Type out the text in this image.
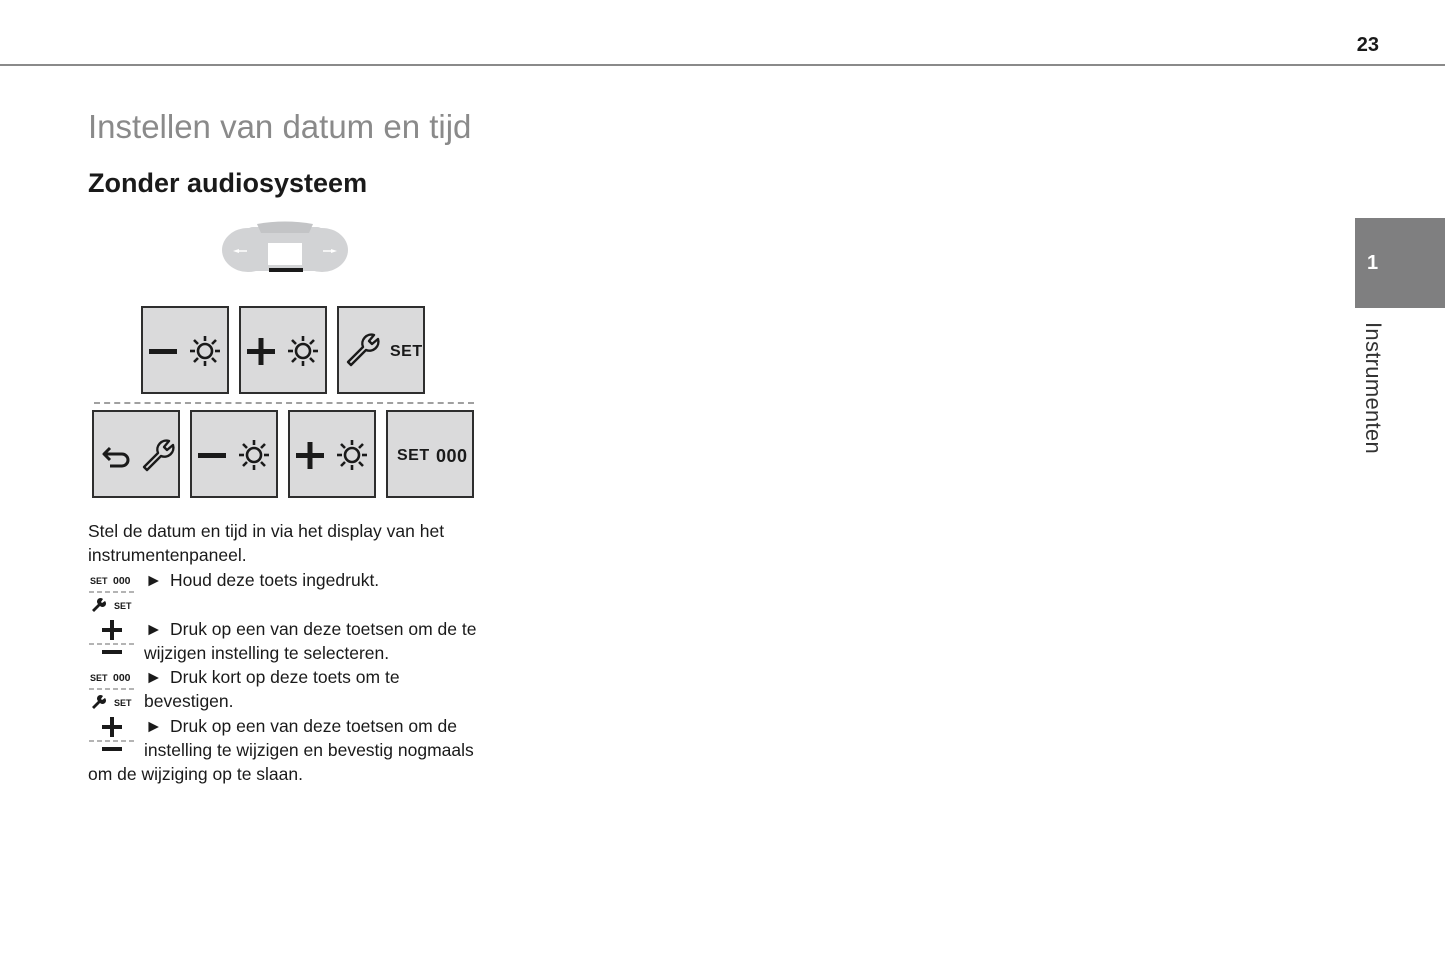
23
1
Instrumenten
Instellen van datum en tijd
Zonder audiosysteem
SET
SET 000
Stel de datum en tijd in via het display van het
instrumentenpaneel.
SET 000
SET
► Houd deze toets ingedrukt.
► Druk op een van deze toetsen om de te
wijzigen instelling te selecteren.
SET 000
SET
► Druk kort op deze toets om te
bevestigen.
► Druk op een van deze toetsen om de
instelling te wijzigen en bevestig nogmaals
om de wijziging op te slaan.
